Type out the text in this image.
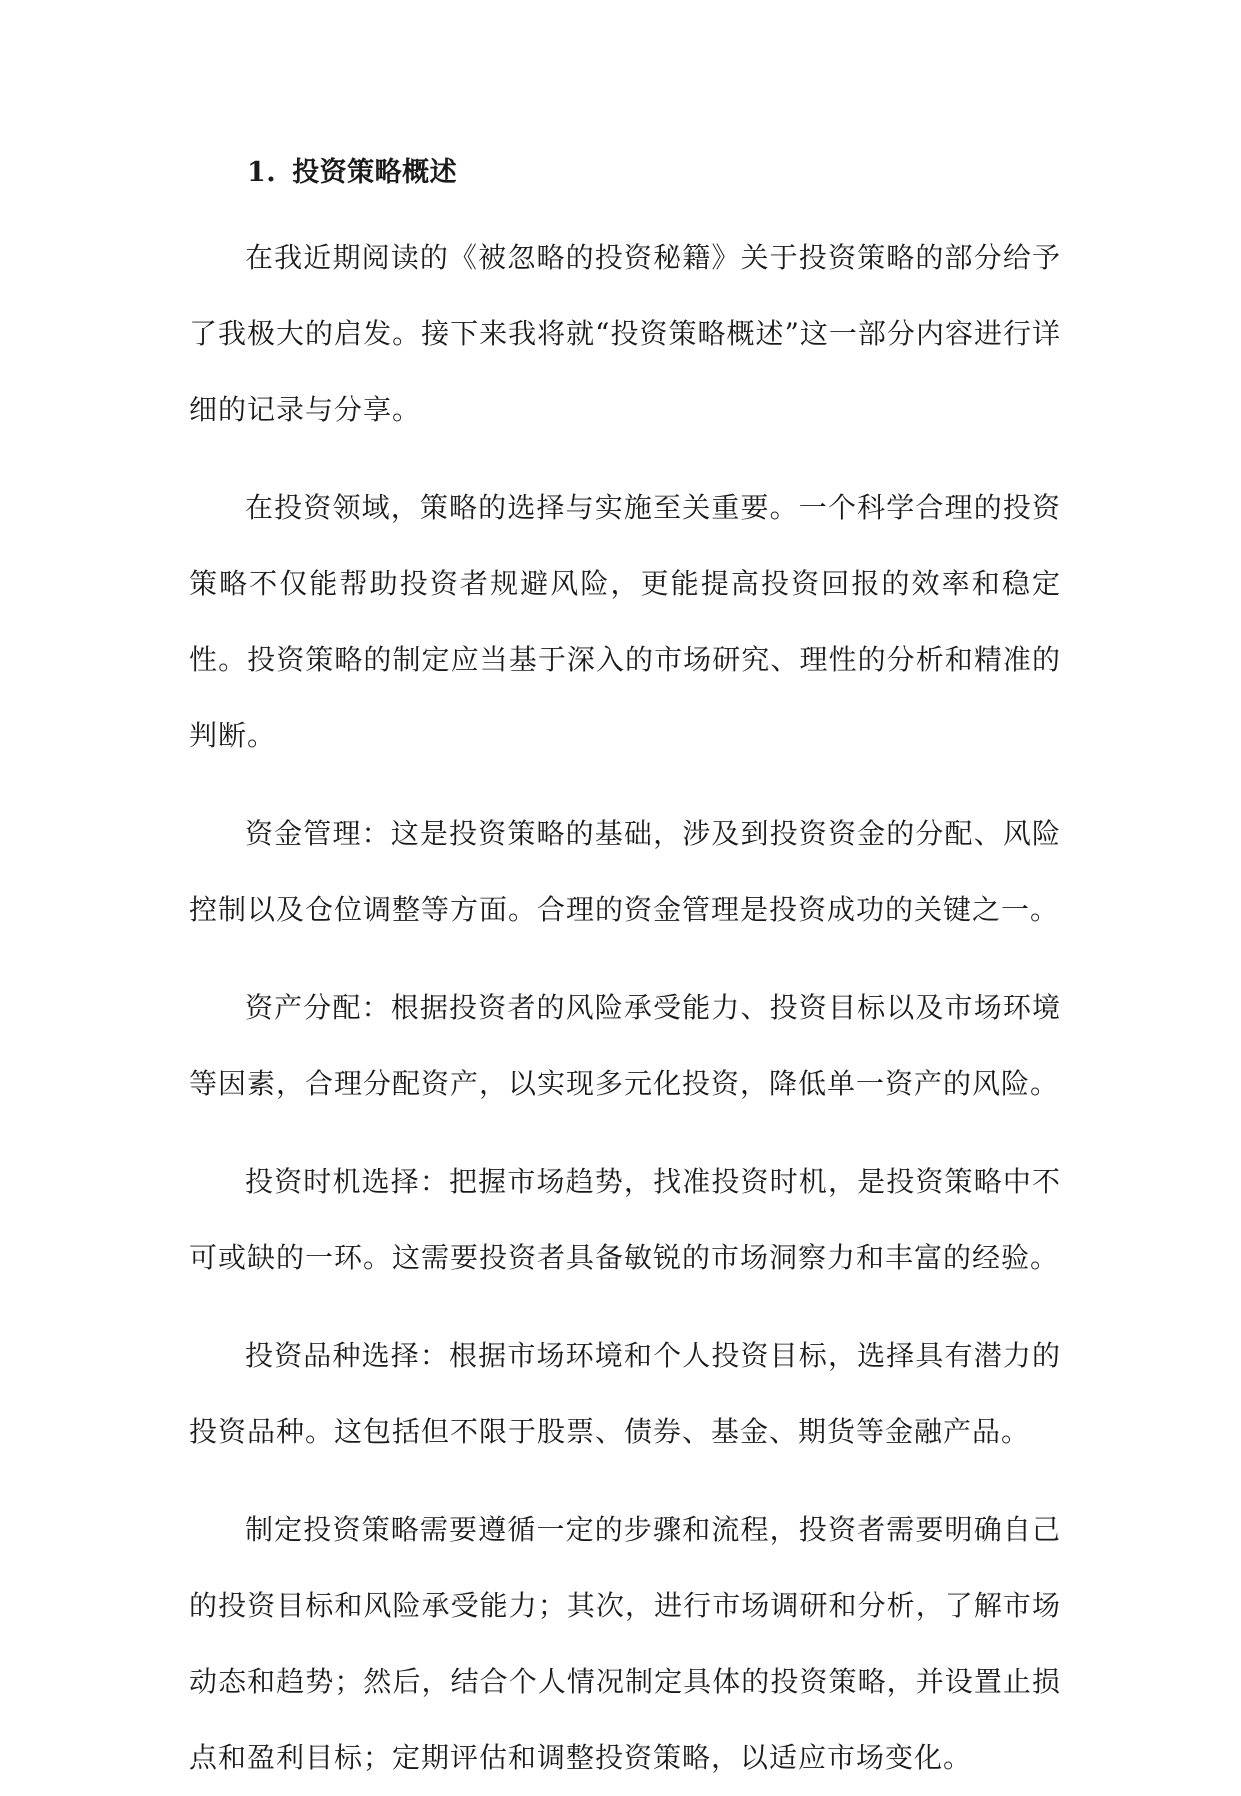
1. 投资策略概述

在我近期阅读的《被忽略的投资秘籍》关于投资策略的部分给予了我极大的启发。接下来我将就“投资策略概述”这一部分内容进行详细的记录与分享。

在投资领域，策略的选择与实施至关重要。一个科学合理的投资策略不仅能帮助投资者规避风险，更能提高投资回报的效率和稳定性。投资策略的制定应当基于深入的市场研究、理性的分析和精准的判断。

资金管理：这是投资策略的基础，涉及到投资资金的分配、风险控制以及仓位调整等方面。合理的资金管理是投资成功的关键之一。

资产分配：根据投资者的风险承受能力、投资目标以及市场环境等因素，合理分配资产，以实现多元化投资，降低单一资产的风险。

投资时机选择：把握市场趋势，找准投资时机，是投资策略中不可或缺的一环。这需要投资者具备敏锐的市场洞察力和丰富的经验。

投资品种选择：根据市场环境和个人投资目标，选择具有潜力的投资品种。这包括但不限于股票、债券、基金、期货等金融产品。

制定投资策略需要遵循一定的步骤和流程，投资者需要明确自己的投资目标和风险承受能力；其次，进行市场调研和分析，了解市场动态和趋势；然后，结合个人情况制定具体的投资策略，并设置止损点和盈利目标；定期评估和调整投资策略，以适应市场变化。
